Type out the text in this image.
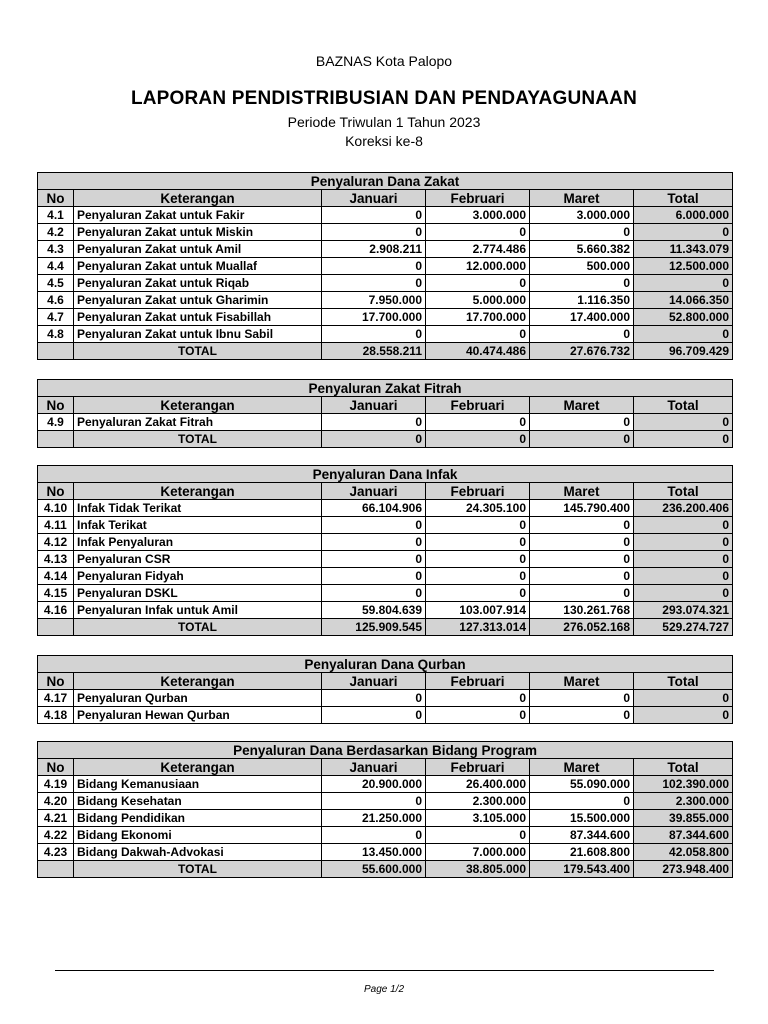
BAZNAS Kota Palopo
LAPORAN PENDISTRIBUSIAN DAN PENDAYAGUNAAN
Periode Triwulan 1 Tahun 2023
Koreksi ke-8
Penyaluran Dana Zakat					
No	Keterangan	Januari	Februari	Maret	Total
4.1	Penyaluran Zakat untuk Fakir	0	3.000.000	3.000.000	6.000.000
4.2	Penyaluran Zakat untuk Miskin	0	0	0	0
4.3	Penyaluran Zakat untuk Amil	2.908.211	2.774.486	5.660.382	11.343.079
4.4	Penyaluran Zakat untuk Muallaf	0	12.000.000	500.000	12.500.000
4.5	Penyaluran Zakat untuk Riqab	0	0	0	0
4.6	Penyaluran Zakat untuk Gharimin	7.950.000	5.000.000	1.116.350	14.066.350
4.7	Penyaluran Zakat untuk Fisabillah	17.700.000	17.700.000	17.400.000	52.800.000
4.8	Penyaluran Zakat untuk Ibnu Sabil	0	0	0	0
	TOTAL	28.558.211	40.474.486	27.676.732	96.709.429
Penyaluran Zakat Fitrah					
No	Keterangan	Januari	Februari	Maret	Total
4.9	Penyaluran Zakat Fitrah	0	0	0	0
	TOTAL	0	0	0	0
Penyaluran Dana Infak					
No	Keterangan	Januari	Februari	Maret	Total
4.10	Infak Tidak Terikat	66.104.906	24.305.100	145.790.400	236.200.406
4.11	Infak Terikat	0	0	0	0
4.12	Infak Penyaluran	0	0	0	0
4.13	Penyaluran CSR	0	0	0	0
4.14	Penyaluran Fidyah	0	0	0	0
4.15	Penyaluran DSKL	0	0	0	0
4.16	Penyaluran Infak untuk Amil	59.804.639	103.007.914	130.261.768	293.074.321
	TOTAL	125.909.545	127.313.014	276.052.168	529.274.727
Penyaluran Dana Qurban					
No	Keterangan	Januari	Februari	Maret	Total
4.17	Penyaluran Qurban	0	0	0	0
4.18	Penyaluran Hewan Qurban	0	0	0	0
Penyaluran Dana Berdasarkan Bidang Program					
No	Keterangan	Januari	Februari	Maret	Total
4.19	Bidang Kemanusiaan	20.900.000	26.400.000	55.090.000	102.390.000
4.20	Bidang Kesehatan	0	2.300.000	0	2.300.000
4.21	Bidang Pendidikan	21.250.000	3.105.000	15.500.000	39.855.000
4.22	Bidang Ekonomi	0	0	87.344.600	87.344.600
4.23	Bidang Dakwah-Advokasi	13.450.000	7.000.000	21.608.800	42.058.800
	TOTAL	55.600.000	38.805.000	179.543.400	273.948.400
Page 1/2
